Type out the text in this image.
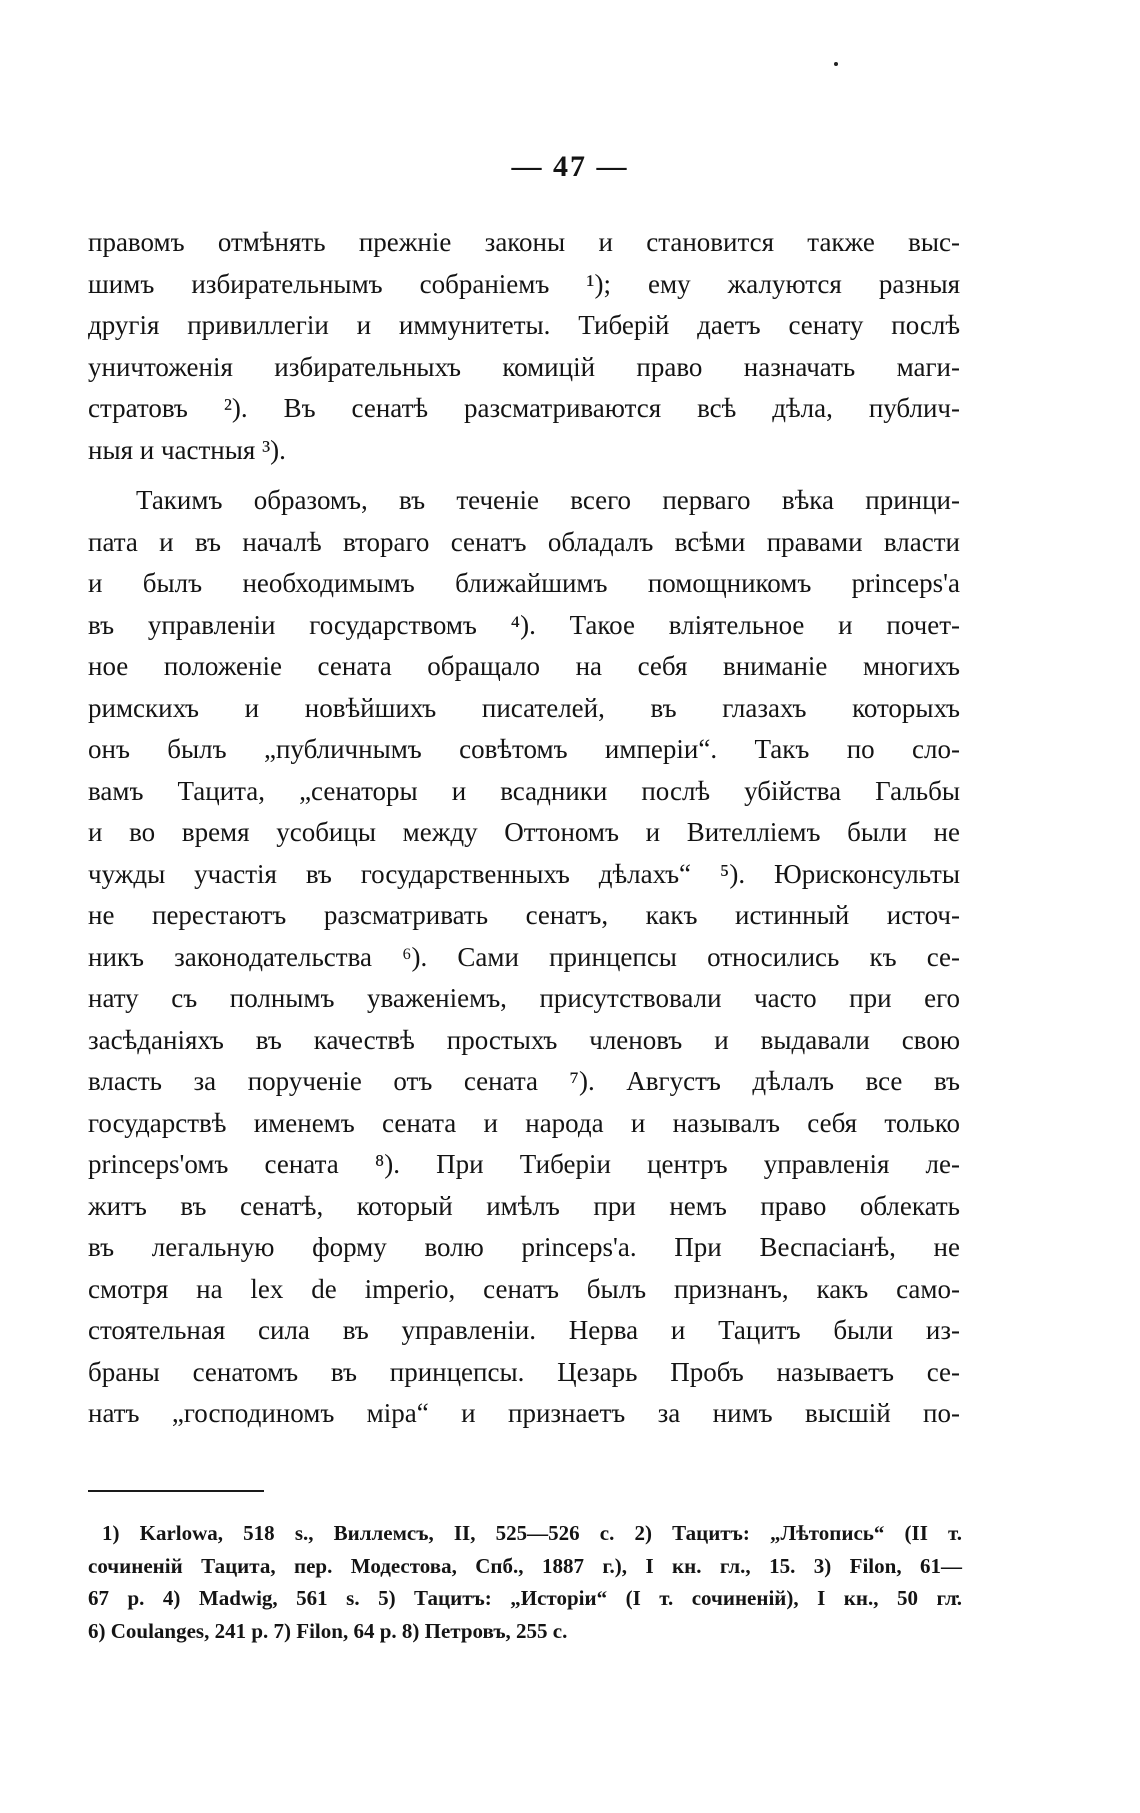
— 47 —
правомъ отмѣнять прежніе законы и становится также выс-
шимъ избирательнымъ собраніемъ ¹); ему жалуются разныя
другія привиллегіи и иммунитеты. Тиберій даетъ сенату послѣ
уничтоженія избирательныхъ комицій право назначать маги-
стратовъ ²). Въ сенатѣ разсматриваются всѣ дѣла, публич-
ныя и частныя ³).
Такимъ образомъ, въ теченіе всего перваго вѣка принци-
пата и въ началѣ втораго сенатъ обладалъ всѣми правами власти
и былъ необходимымъ ближайшимъ помощникомъ princeps'a
въ управленіи государствомъ ⁴). Такое вліятельное и почет-
ное положеніе сената обращало на себя вниманіе многихъ
римскихъ и новѣйшихъ писателей, въ глазахъ которыхъ
онъ былъ „публичнымъ совѣтомъ имперіи“. Такъ по сло-
вамъ Тацита, „сенаторы и всадники послѣ убійства Гальбы
и во время усобицы между Оттономъ и Вителліемъ были не
чужды участія въ государственныхъ дѣлахъ“ ⁵). Юрисконсульты
не перестаютъ разсматривать сенатъ, какъ истинный источ-
никъ законодательства ⁶). Сами принцепсы относились къ се-
нату съ полнымъ уваженіемъ, присутствовали часто при его
засѣданіяхъ въ качествѣ простыхъ членовъ и выдавали свою
власть за порученіе отъ сената ⁷). Августъ дѣлалъ все въ
государствѣ именемъ сената и народа и называлъ себя только
princeps'омъ сената ⁸). При Тиберіи центръ управленія ле-
житъ въ сенатѣ, который имѣлъ при немъ право облекать
въ легальную форму волю princeps'a. При Веспасіанѣ, не
смотря на lex de imperio, сенатъ былъ признанъ, какъ само-
стоятельная сила въ управленіи. Нерва и Тацитъ были из-
браны сенатомъ въ принцепсы. Цезарь Пробъ называетъ се-
натъ „господиномъ міра“ и признаетъ за нимъ высшій по-
1) Karlowa, 518 s., Виллемсъ, II, 525—526 с. 2) Тацитъ: „Лѣтопись“ (II т.
сочиненій Тацита, пер. Модестова, Спб., 1887 г.), I кн. гл., 15. 3) Filon, 61—
67 p. 4) Madwig, 561 s. 5) Тацитъ: „Исторіи“ (I т. сочиненій), I кн., 50 гл.
6) Coulanges, 241 p. 7) Filon, 64 p. 8) Петровъ, 255 с.
